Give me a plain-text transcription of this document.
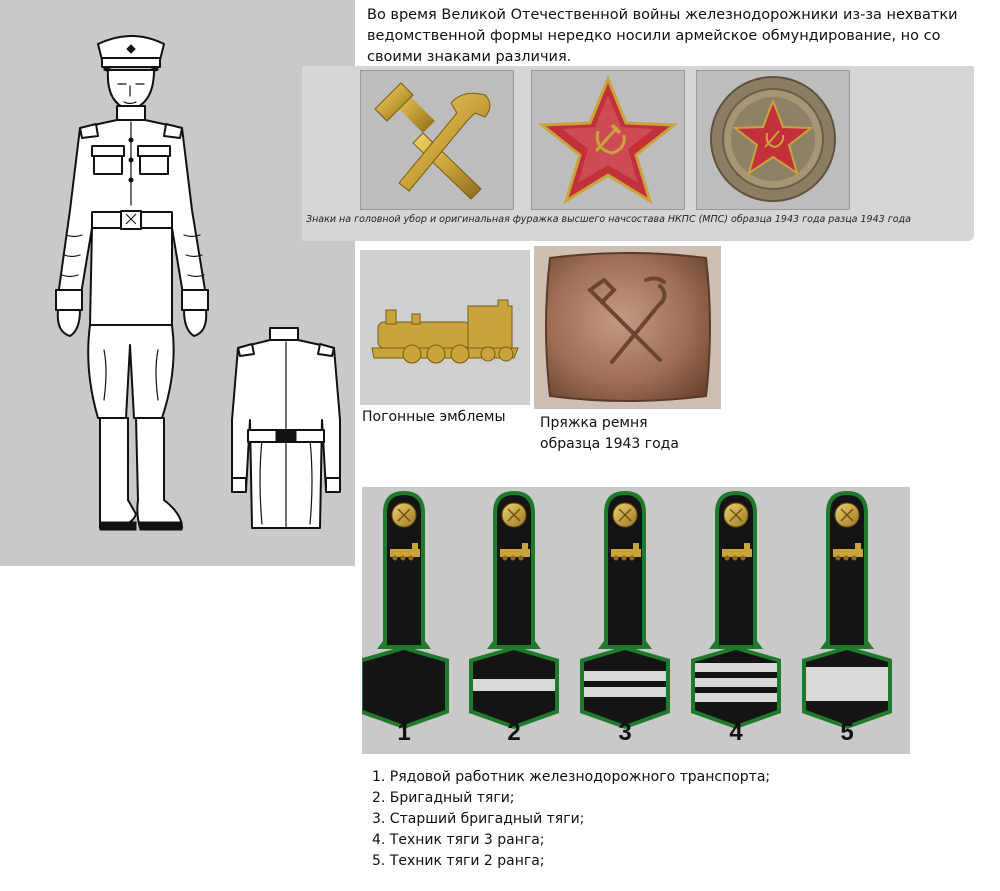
Во время Великой Отечественной войны железнодорожники из-за нехватки ведомственной формы нередко носили армейское обмундирование, но со своими знаками различия.
Знаки на головной убор и оригинальная фуражка высшего начсостава НКПС (МПС) образца 1943 года разца 1943 года
Погонные эмблемы Пряжка ремня
образца 1943 года
1	2	3	4	5
1. Рядовой работник железнодорожного транспорта;
2. Бригадный тяги;
3. Старший бригадный тяги;
4. Техник тяги 3 ранга;
5. Техник тяги 2 ранга;
